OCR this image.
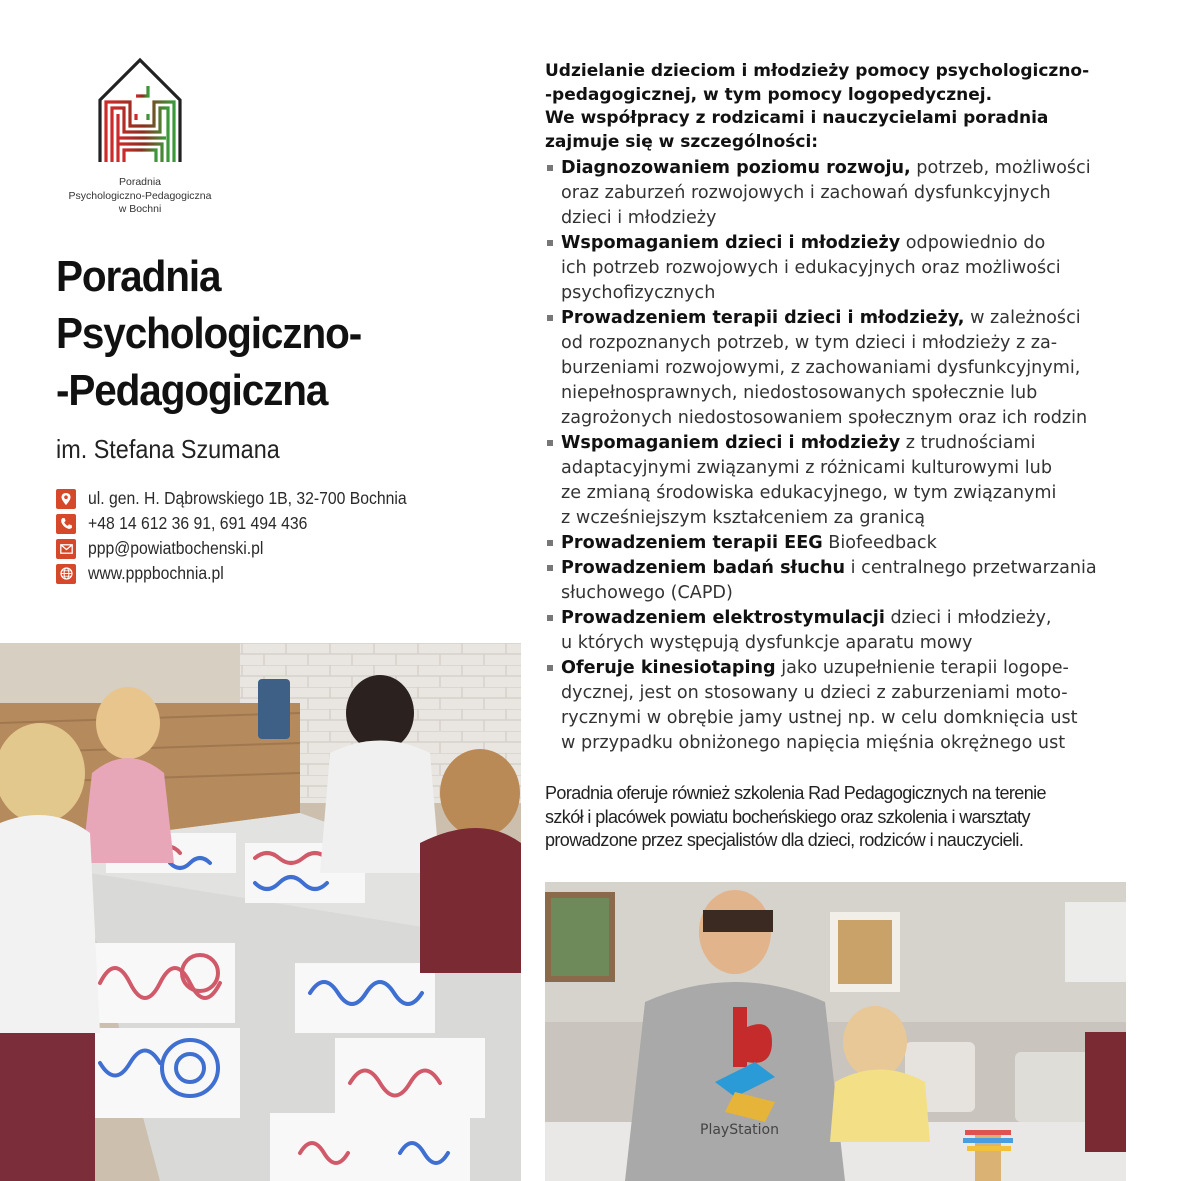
Poradnia
Psychologiczno-Pedagogiczna
w Bochni
Poradnia
Psychologiczno-
-Pedagogiczna
im. Stefana Szumana
ul. gen. H. Dąbrowskiego 1B, 32-700 Bochnia
+48 14 612 36 91, 691 494 436
ppp@powiatbochenski.pl
www.pppbochnia.pl
Udzielanie dzieciom i młodzieży pomocy psychologiczno-
-pedagogicznej, w tym pomocy logopedycznej.
We współpracy z rodzicami i nauczycielami poradnia
zajmuje się w szczególności:
Diagnozowaniem poziomu rozwoju, potrzeb, możliwości
oraz zaburzeń rozwojowych i zachowań dysfunkcyjnych
dzieci i młodzieży
Wspomaganiem dzieci i młodzieży odpowiednio do
ich potrzeb rozwojowych i edukacyjnych oraz możliwości
psychofizycznych
Prowadzeniem terapii dzieci i młodzieży, w zależności
od rozpoznanych potrzeb, w tym dzieci i młodzieży z za-
burzeniami rozwojowymi, z zachowaniami dysfunkcyjnymi,
niepełnosprawnych, niedostosowanych społecznie lub
zagrożonych niedostosowaniem społecznym oraz ich rodzin
Wspomaganiem dzieci i młodzieży z trudnościami
adaptacyjnymi związanymi z różnicami kulturowymi lub
ze zmianą środowiska edukacyjnego, w tym związanymi
z wcześniejszym kształceniem za granicą
Prowadzeniem terapii EEG Biofeedback
Prowadzeniem badań słuchu i centralnego przetwarzania
słuchowego (CAPD)
Prowadzeniem elektrostymulacji dzieci i młodzieży,
u których występują dysfunkcje aparatu mowy
Oferuje kinesiotaping jako uzupełnienie terapii logope-
dycznej, jest on stosowany u dzieci z zaburzeniami moto-
rycznymi w obrębie jamy ustnej np. w celu domknięcia ust
w przypadku obniżonego napięcia mięśnia okrężnego ust
Poradnia oferuje również szkolenia Rad Pedagogicznych na terenie
szkół i placówek powiatu bocheńskiego oraz szkolenia i warsztaty
prowadzone przez specjalistów dla dzieci, rodziców i nauczycieli.
PlayStation
